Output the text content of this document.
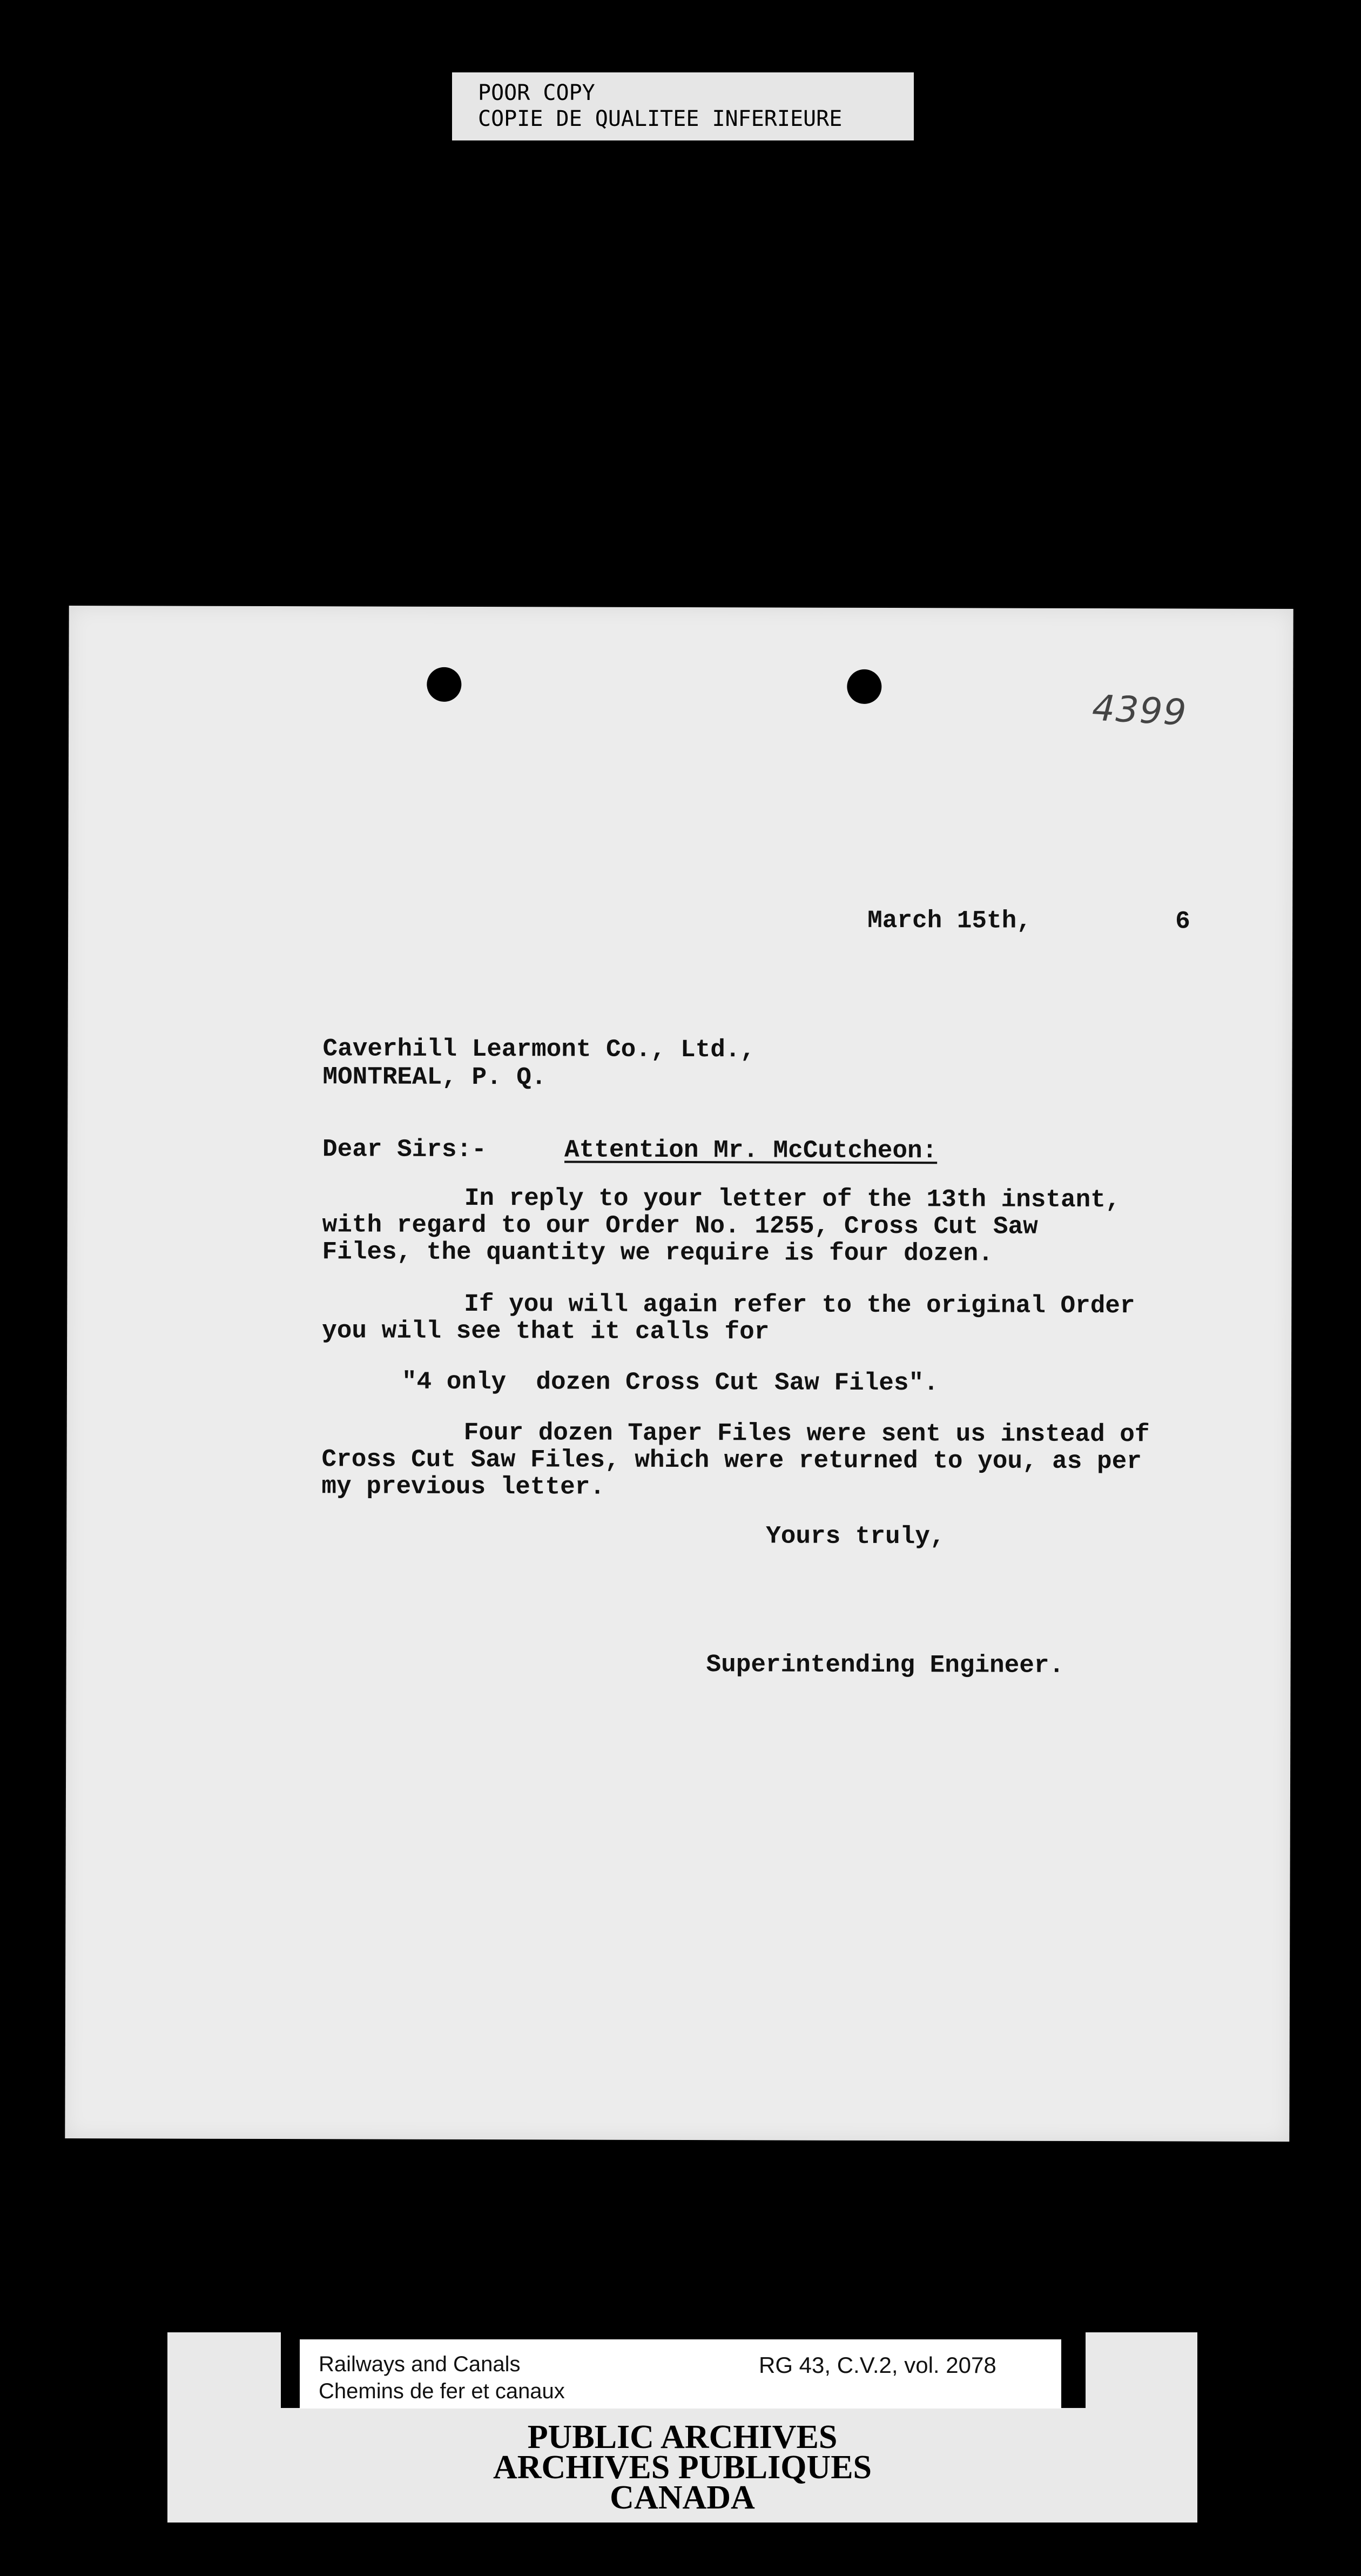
POOR COPY
COPIE DE QUALITEE INFERIEURE
4399
March 15th,	6
Caverhill Learmont Co., Ltd.,
MONTREAL, P. Q.
Dear Sirs:-	Attention Mr. McCutcheon:
In reply to your letter of the 13th instant,
with regard to our Order No. 1255, Cross Cut Saw
Files, the quantity we require is four dozen.
If you will again refer to the original Order
you will see that it calls for
"4 only  dozen Cross Cut Saw Files".
Four dozen Taper Files were sent us instead of
Cross Cut Saw Files, which were returned to you, as per
my previous letter.
Yours truly,
Superintending Engineer.
Railways and Canals
Chemins de fer et canaux
RG 43, C.V.2, vol. 2078
PUBLIC ARCHIVES
ARCHIVES PUBLIQUES
CANADA
